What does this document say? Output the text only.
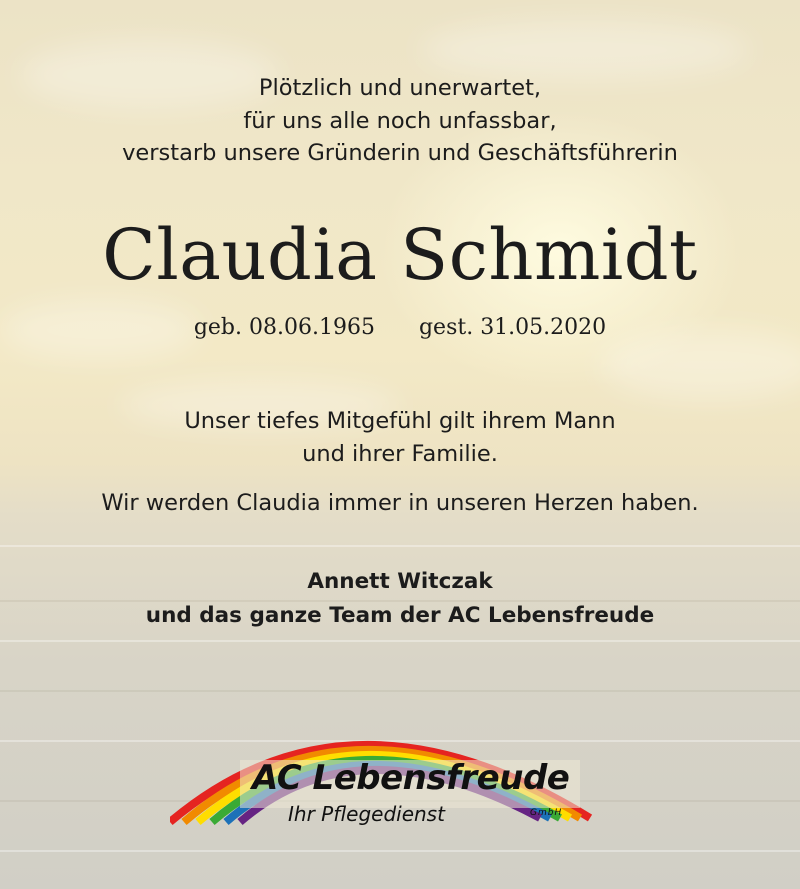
Plötzlich und unerwartet,
für uns alle noch unfassbar,
verstarb unsere Gründerin und Geschäftsführerin
Claudia Schmidt
geb. 08.06.1965 gest. 31.05.2020
Unser tiefes Mitgefühl gilt ihrem Mann
und ihrer Familie.
Wir werden Claudia immer in unseren Herzen haben.
Annett Witczak
und das ganze Team der AC Lebensfreude
AC Lebensfreude
Ihr Pflegedienst	GmbH
